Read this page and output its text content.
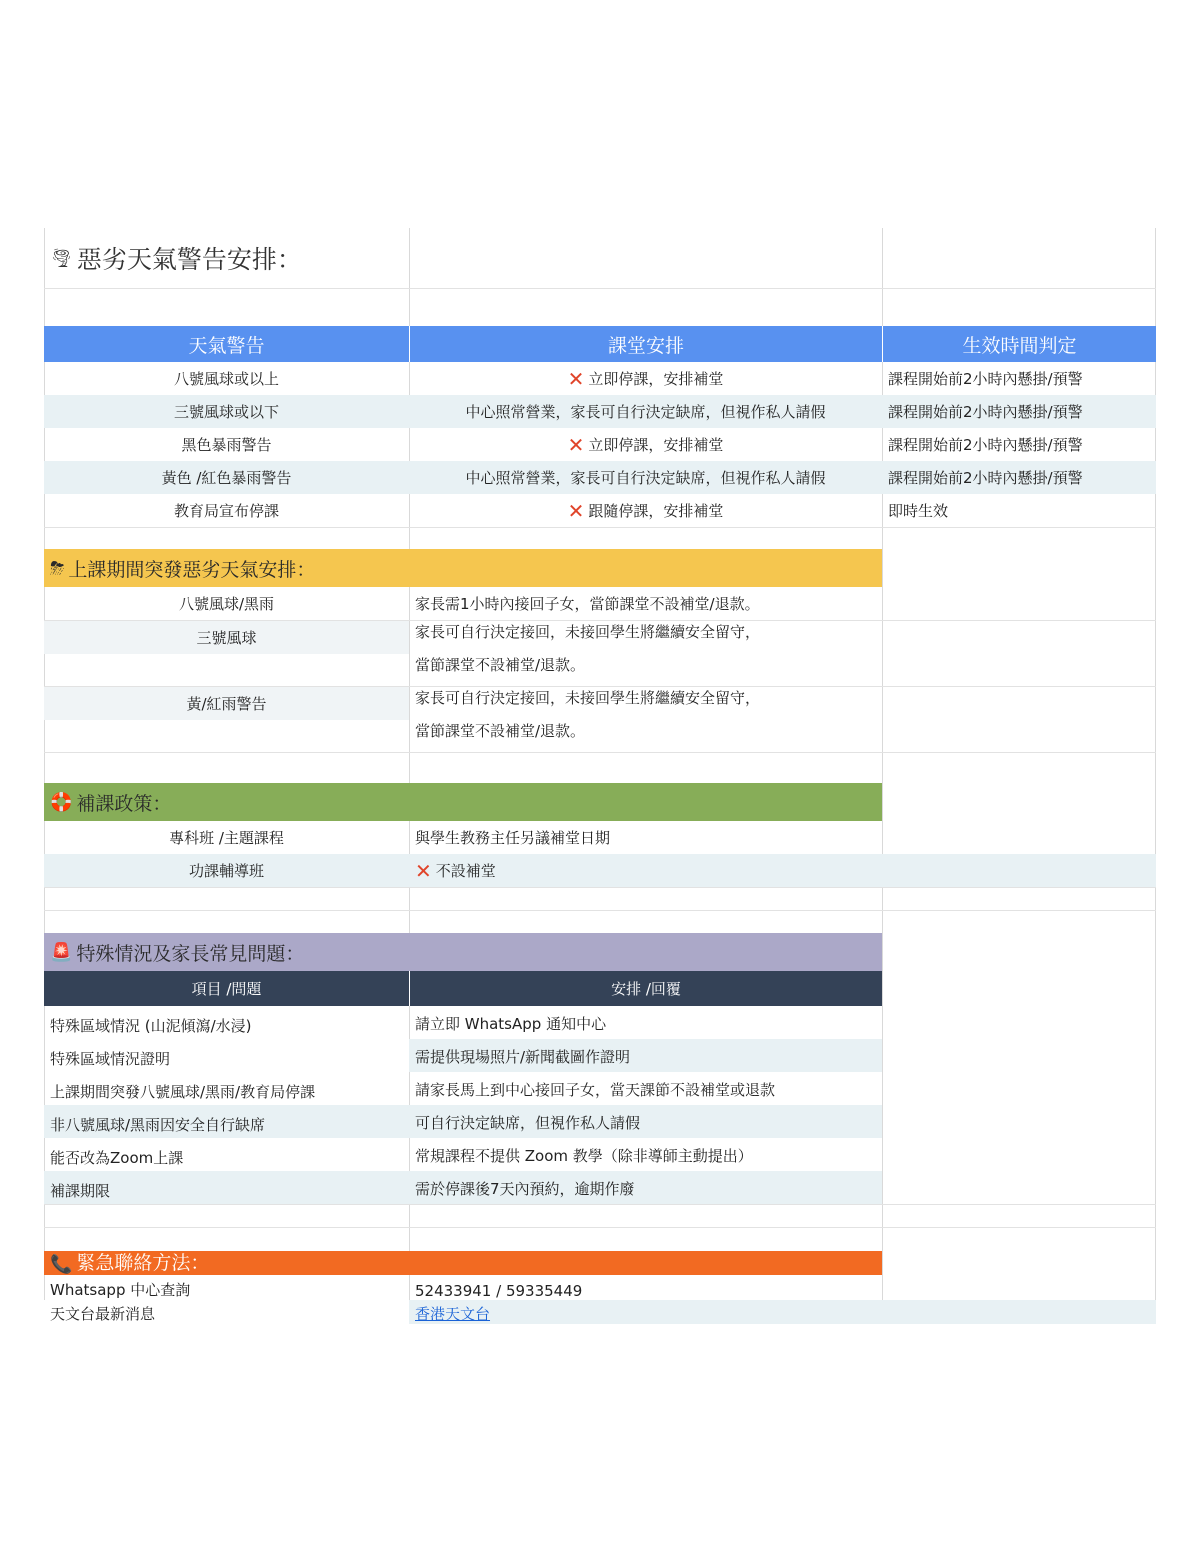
🌪 惡劣天氣警告安排：
天氣警告	課堂安排	生效時間判定
八號風球或以上	✕ 立即停課，安排補堂	課程開始前2小時內懸掛/預警
三號風球或以下	中心照常營業，家長可自行決定缺席，但視作私人請假	課程開始前2小時內懸掛/預警
黑色暴雨警告	✕ 立即停課，安排補堂	課程開始前2小時內懸掛/預警
黃色 /紅色暴雨警告	中心照常營業，家長可自行決定缺席，但視作私人請假	課程開始前2小時內懸掛/預警
教育局宣布停課	✕ 跟隨停課，安排補堂	即時生效
⛈ 上課期間突發惡劣天氣安排：
八號風球/黑雨	家長需1小時內接回子女，當節課堂不設補堂/退款。
三號風球	家長可自行決定接回，未接回學生將繼續安全留守，
當節課堂不設補堂/退款。
黃/紅雨警告	家長可自行決定接回，未接回學生將繼續安全留守，
當節課堂不設補堂/退款。
🛟 補課政策：
專科班 /主題課程	與學生教務主任另議補堂日期
功課輔導班	✕ 不設補堂
🚨 特殊情況及家長常見問題：
項目 /問題	安排 /回覆
特殊區域情況 (山泥傾瀉/水浸)	請立即 WhatsApp 通知中心
特殊區域情況證明	需提供現場照片/新聞截圖作證明
上課期間突發八號風球/黑雨/教育局停課	請家長馬上到中心接回子女，當天課節不設補堂或退款
非八號風球/黑雨因安全自行缺席	可自行決定缺席，但視作私人請假
能否改為Zoom上課	常規課程不提供 Zoom 教學（除非導師主動提出）
補課期限	需於停課後7天內預約，逾期作廢
📞 緊急聯絡方法：
Whatsapp 中心查詢	52433941 / 59335449
天文台最新消息	香港天文台
